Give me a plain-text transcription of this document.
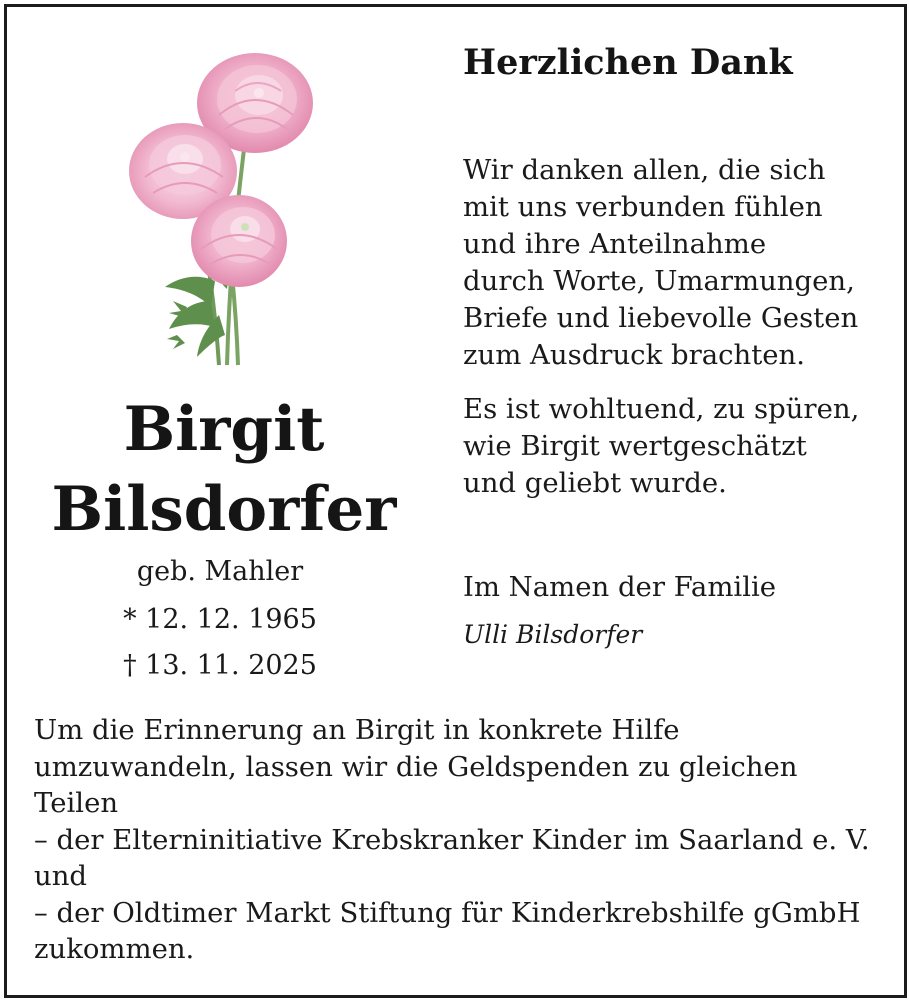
Birgit
Bilsdorfer
geb. Mahler
* 12. 12. 1965
† 13. 11. 2025
Herzlichen Dank
Wir danken allen, die sich
mit uns verbunden fühlen
und ihre Anteilnahme
durch Worte, Umarmungen,
Briefe und liebevolle Gesten
zum Ausdruck brachten.
Es ist wohltuend, zu spüren,
wie Birgit wertgeschätzt
und geliebt wurde.
Im Namen der Familie
Ulli Bilsdorfer
Um die Erinnerung an Birgit in konkrete Hilfe
umzuwandeln, lassen wir die Geldspenden zu gleichen
Teilen
– der Elterninitiative Krebskranker Kinder im Saarland e. V.
und
– der Oldtimer Markt Stiftung für Kinderkrebshilfe gGmbH
zukommen.
